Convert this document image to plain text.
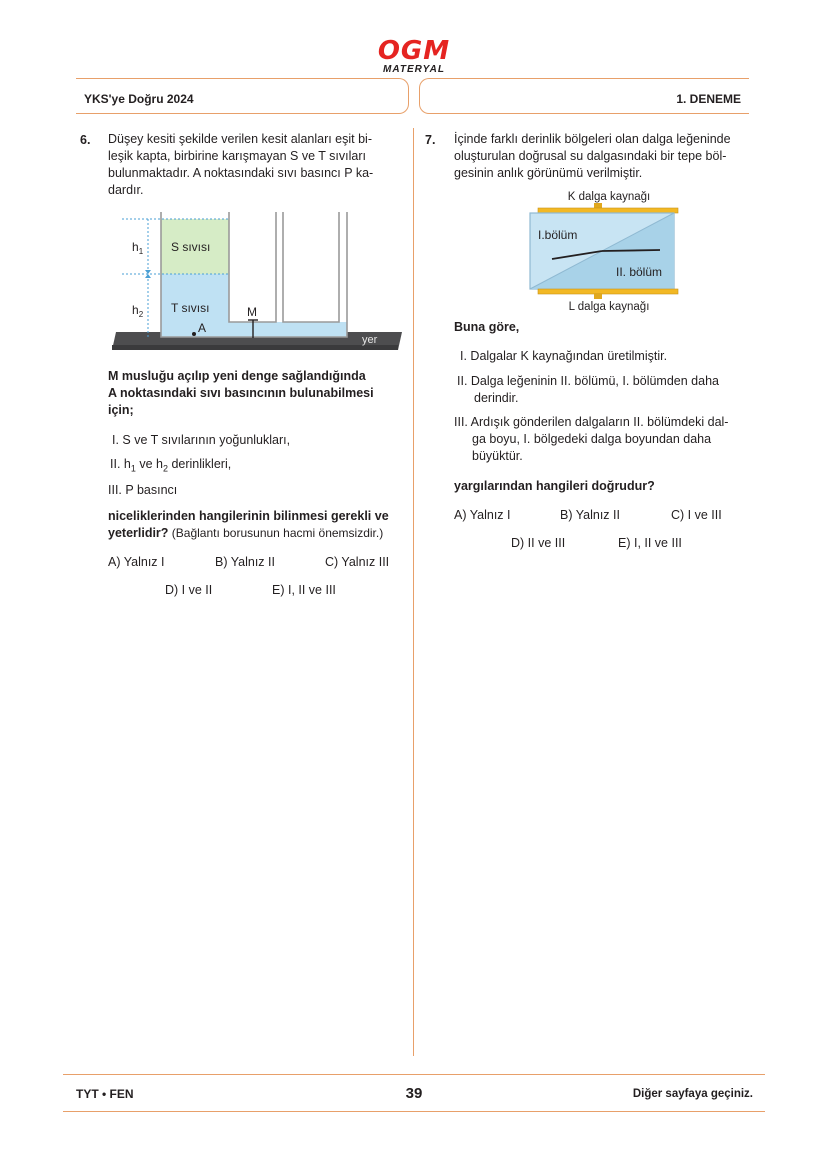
OGM
MATERYAL
YKS'ye Doğru 2024	1. DENEME
6. Düşey kesiti şekilde verilen kesit alanları eşit bi-
leşik kapta, birbirine karışmayan S ve T sıvıları
bulunmaktadır. A noktasındaki sıvı basıncı P ka-
dardır.
$h_1$
$h_2$
S sıvısı
T sıvısı
A
M
yer
M musluğu açılıp yeni denge sağlandığında
A noktasındaki sıvı basıncının bulunabilmesi
için;
I. S ve T sıvılarının yoğunlukları,
II. $h_1$ ve $h_2$ derinlikleri,
III. P basıncı
niceliklerinden hangilerinin bilinmesi gerekli ve
yeterlidir? (Bağlantı borusunun hacmi önemsizdir.)
A) Yalnız I	B) Yalnız II	C) Yalnız III
D) I ve II	E) I, II ve III
7. İçinde farklı derinlik bölgeleri olan dalga leğeninde
oluşturulan doğrusal su dalgasındaki bir tepe böl-
gesinin anlık görünümü verilmiştir.
K dalga kaynağı
I.bölüm
II. bölüm
L dalga kaynağı
Buna göre,
I. Dalgalar K kaynağından üretilmiştir.
II. Dalga leğeninin II. bölümü, I. bölümden daha
derindir.
III. Ardışık gönderilen dalgaların II. bölümdeki dal-
ga boyu, I. bölgedeki dalga boyundan daha
büyüktür.
yargılarından hangileri doğrudur?
A) Yalnız I	B) Yalnız II	C) I ve III
D) II ve III	E) I, II ve III
TYT • FEN	39	Diğer sayfaya geçiniz.
